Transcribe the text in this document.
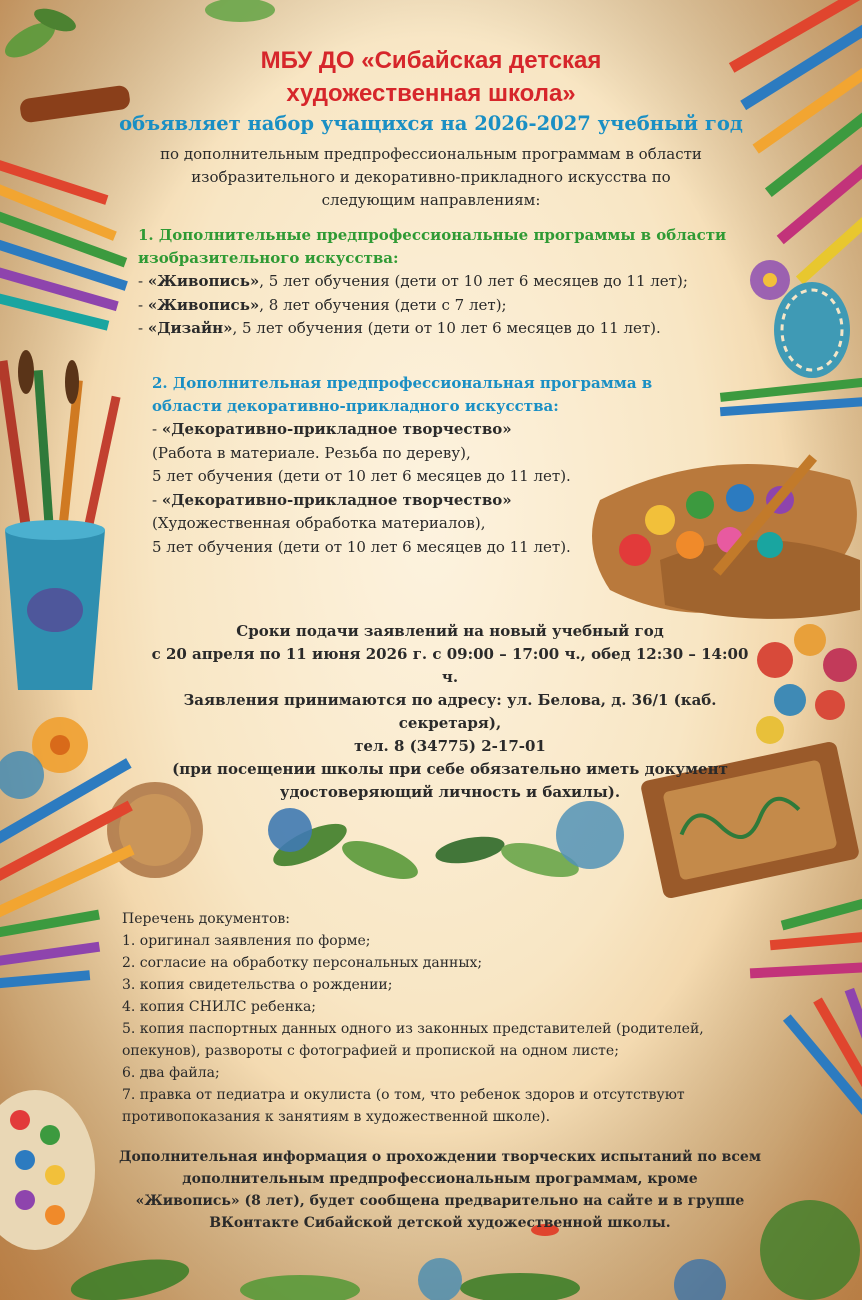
МБУ ДО «Сибайская детская
художественная школа»
объявляет набор учащихся на 2026-2027 учебный год
по дополнительным предпрофессиональным программам в области
изобразительного и декоративно-прикладного искусства по
следующим направлениям:
1. Дополнительные предпрофессиональные программы в области
изобразительного искусства:
- «Живопись», 5 лет обучения (дети от 10 лет 6 месяцев до 11 лет);
- «Живопись», 8 лет обучения (дети с 7 лет);
- «Дизайн», 5 лет обучения (дети от 10 лет 6 месяцев до 11 лет).
2. Дополнительная предпрофессиональная программа в
области декоративно-прикладного искусства:
- «Декоративно-прикладное творчество»
(Работа в материале. Резьба по дереву),
5 лет обучения (дети от 10 лет 6 месяцев до 11 лет).
- «Декоративно-прикладное творчество»
(Художественная обработка материалов),
5 лет обучения (дети от 10 лет 6 месяцев до 11 лет).
Сроки подачи заявлений на новый учебный год
с 20 апреля по 11 июня 2026 г. с 09:00 – 17:00 ч., обед 12:30 – 14:00 ч.
Заявления принимаются по адресу: ул. Белова, д. 36/1 (каб.
секретаря),
тел. 8 (34775) 2-17-01
(при посещении школы при себе обязательно иметь документ
удостоверяющий личность и бахилы).
Перечень документов:
1. оригинал заявления по форме;
2. согласие на обработку персональных данных;
3. копия свидетельства о рождении;
4. копия СНИЛС ребенка;
5. копия паспортных данных одного из законных представителей (родителей,
опекунов), развороты с фотографией и пропиской на одном листе;
6. два файла;
7. правка от педиатра и окулиста (о том, что ребенок здоров и отсутствуют
противопоказания к занятиям в художественной школе).
Дополнительная информация о прохождении творческих испытаний по всем
дополнительным предпрофессиональным программам, кроме
«Живопись» (8 лет), будет сообщена предварительно на сайте и в группе
ВКонтакте Сибайской детской художественной школы.
